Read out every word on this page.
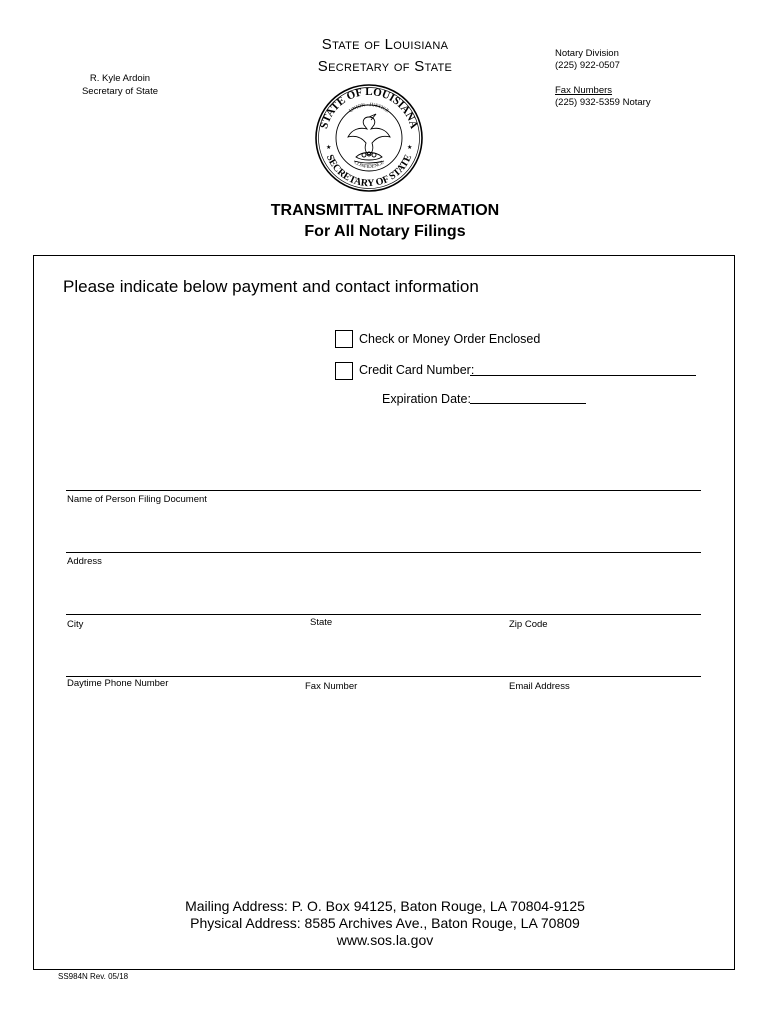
R. Kyle Ardoin
Secretary of State
State of Louisiana
Secretary of State
Notary Division
(225) 922-0507
Fax Numbers
(225) 932-5359 Notary
STATE OF LOUISIANA
SECRETARY OF STATE
UNION · JUSTICE
CONFIDENCE
★	★
TRANSMITTAL INFORMATION
For All Notary Filings
Please indicate below payment and contact information
Check or Money Order Enclosed
Credit Card Number:
Expiration Date:
Name of Person Filing Document
Address
City	State	Zip Code
Daytime Phone Number	Fax Number	Email Address
Mailing Address: P. O. Box 94125, Baton Rouge, LA 70804-9125
Physical Address: 8585 Archives Ave., Baton Rouge, LA 70809
www.sos.la.gov
SS984N Rev. 05/18
